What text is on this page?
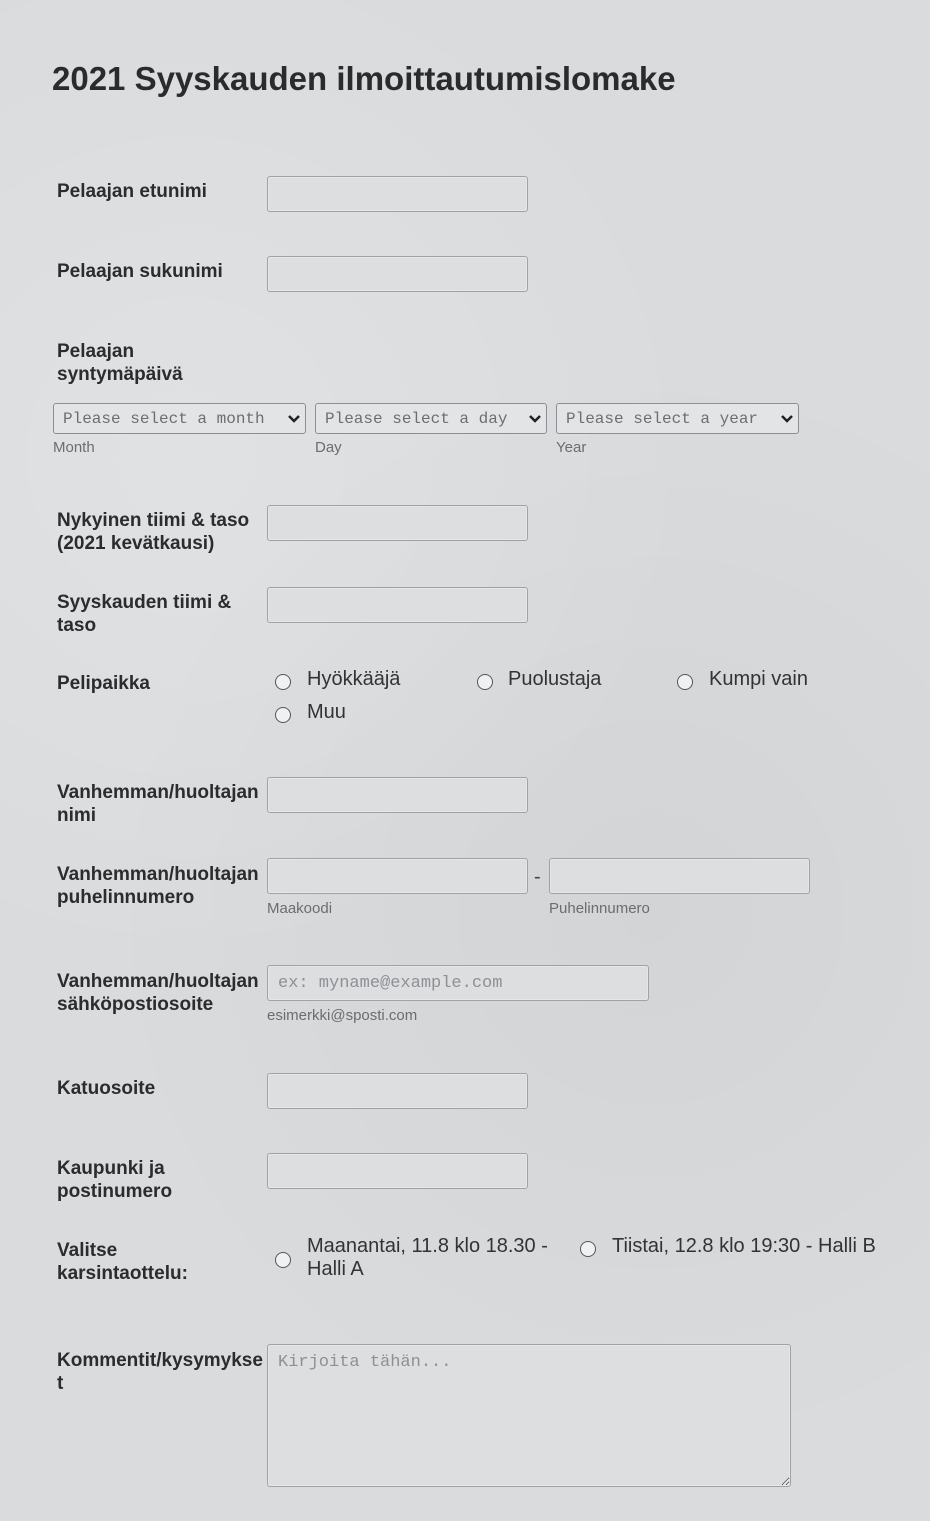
2021 Syyskauden ilmoittautumislomake
Pelaajan etunimi
Pelaajan sukunimi
Pelaajan syntymäpäivä
Please select a month
Month
Please select a day
Day
Please select a year
Year
Nykyinen tiimi & taso (2021 kevätkausi)
Syyskauden tiimi & taso
Pelipaikka	Hyökkääjä	Puolustaja	Kumpi vain
Muu
Vanhemman/huoltajan nimi
Vanhemman/huoltajan puhelinnumero
-
Maakoodi	Puhelinnumero
Vanhemman/huoltajan sähköpostiosoite
ex: myname@example.com
esimerkki@sposti.com
Katuosoite
Kaupunki ja postinumero
Valitse karsintaottelu:
Maanantai, 11.8 klo 18.30 - Halli A
Tiistai, 12.8 klo 19:30 - Halli B
Kommentit/kysymykset
Kirjoita tähän...
